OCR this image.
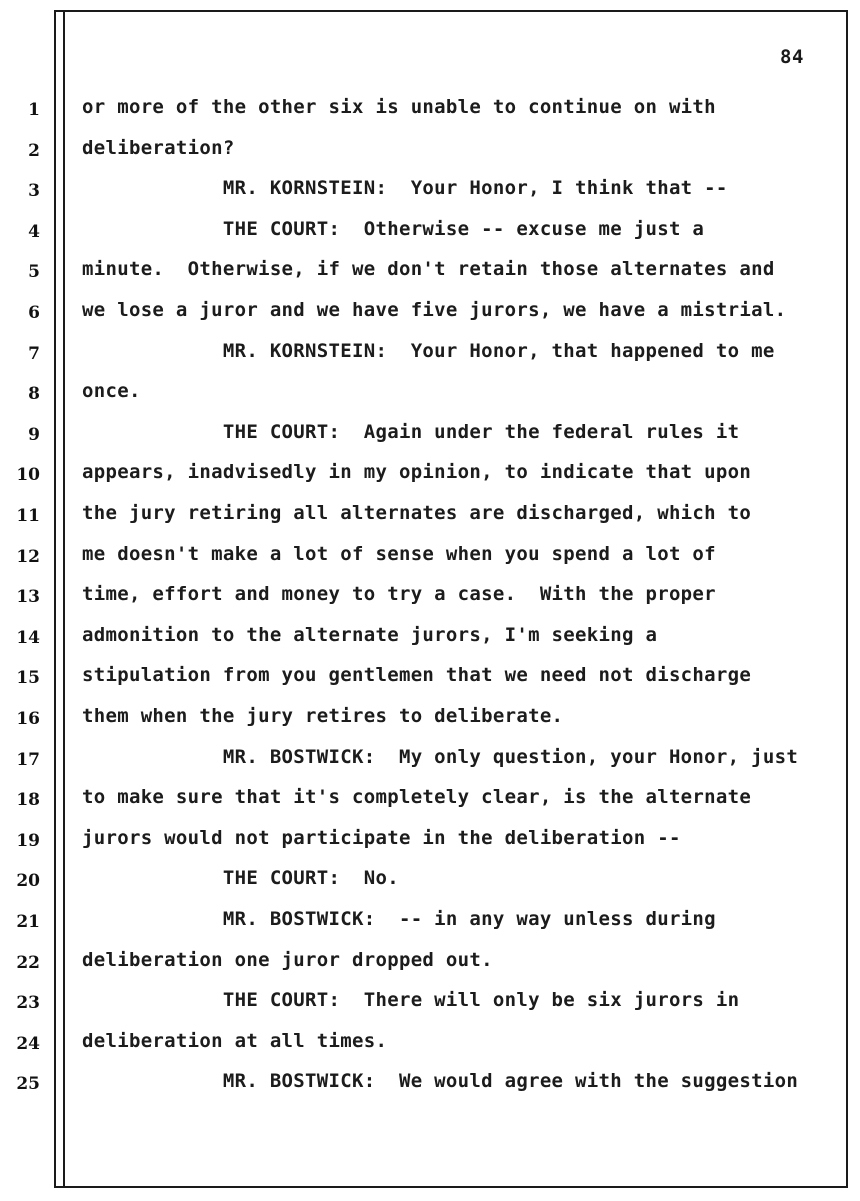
84
1 or more of the other six is unable to continue on with
2 deliberation?
3 MR. KORNSTEIN:  Your Honor, I think that --
4 THE COURT:  Otherwise -- excuse me just a
5 minute.  Otherwise, if we don't retain those alternates and
6 we lose a juror and we have five jurors, we have a mistrial.
7 MR. KORNSTEIN:  Your Honor, that happened to me
8 once.
9 THE COURT:  Again under the federal rules it
10 appears, inadvisedly in my opinion, to indicate that upon
11 the jury retiring all alternates are discharged, which to
12 me doesn't make a lot of sense when you spend a lot of
13 time, effort and money to try a case.  With the proper
14 admonition to the alternate jurors, I'm seeking a
15 stipulation from you gentlemen that we need not discharge
16 them when the jury retires to deliberate.
17 MR. BOSTWICK:  My only question, your Honor, just
18 to make sure that it's completely clear, is the alternate
19 jurors would not participate in the deliberation --
20 THE COURT:  No.
21 MR. BOSTWICK:  -- in any way unless during
22 deliberation one juror dropped out.
23 THE COURT:  There will only be six jurors in
24 deliberation at all times.
25 MR. BOSTWICK:  We would agree with the suggestion
